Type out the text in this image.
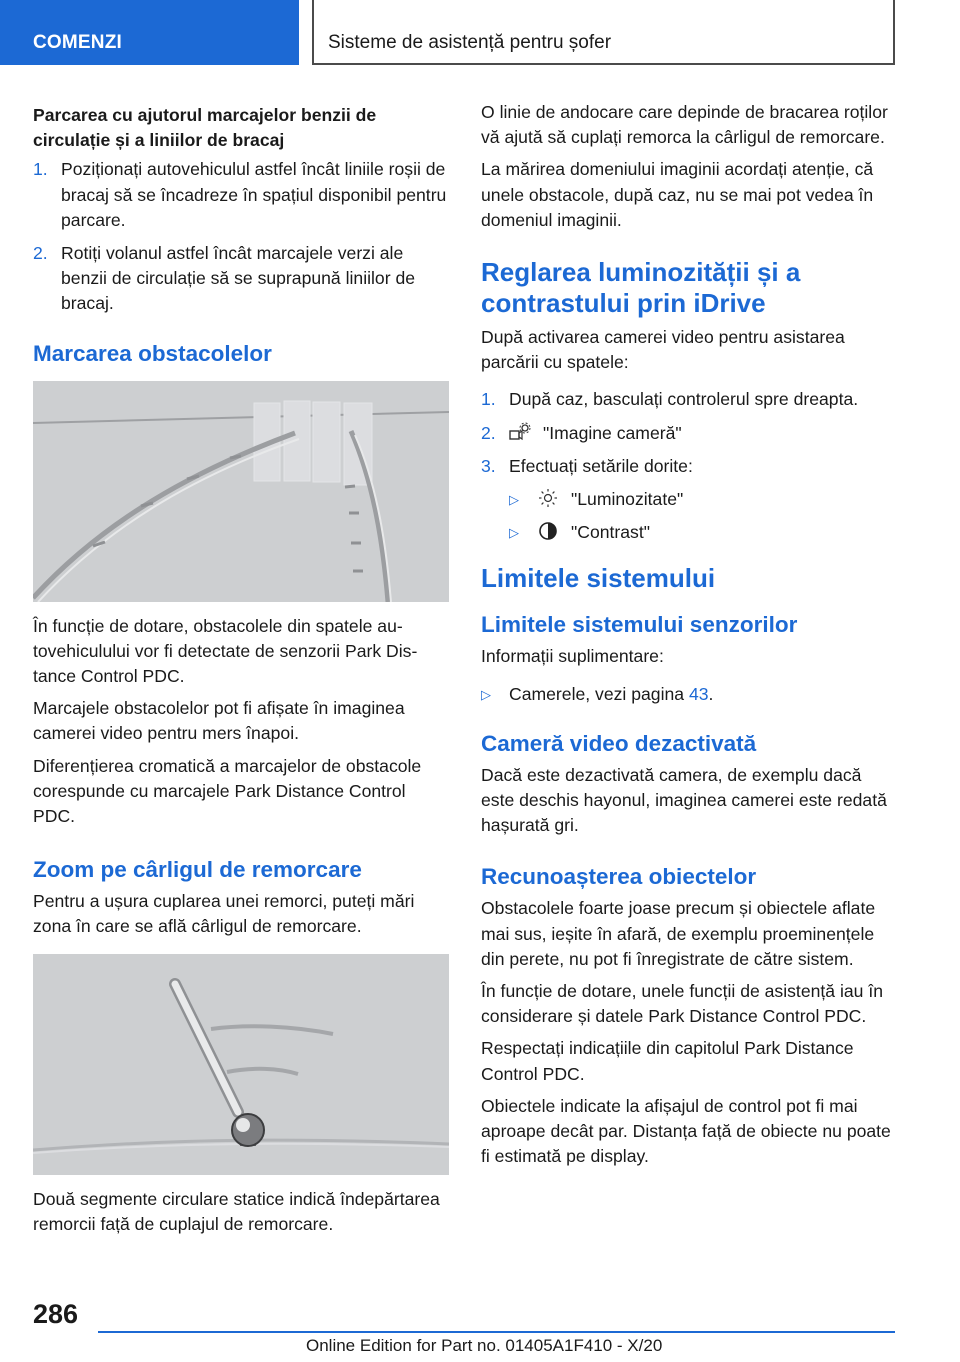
COMENZI	Sisteme de asistență pentru șofer
Parcarea cu ajutorul marcajelor benzii de circulație și a liniilor de bracaj
1. Poziționați autovehiculul astfel încât liniile roșii de bracaj să se încadreze în spațiul disponibil pentru parcare.
2. Rotiți volanul astfel încât marcajele verzi ale benzii de circulație să se suprapună liniilor de bracaj.
Marcarea obstacolelor

În funcție de dotare, obstacolele din spatele autovehiculului vor fi detectate de senzorii Park Distance Control PDC.

Marcajele obstacolelor pot fi afișate în imaginea camerei video pentru mers înapoi.

Diferențierea cromatică a marcajelor de obstacole corespunde cu marcajele Park Distance Control PDC.

Zoom pe cârligul de remorcare

Pentru a ușura cuplarea unei remorci, puteți mări zona în care se află cârligul de remorcare.

Două segmente circulare statice indică îndepărtarea remorcii față de cuplajul de remorcare.

O linie de andocare care depinde de bracarea roților vă ajută să cuplați remorca la cârligul de remorcare.

La mărirea domeniului imaginii acordați atenție, că unele obstacole, după caz, nu se mai pot vedea în domeniul imaginii.

Reglarea luminozității și a contrastului prin iDrive

După activarea camerei video pentru asistarea parcării cu spatele:

1. După caz, basculați controlerul spre dreapta.
2.	"Imagine cameră"
3. Efectuați setările dorite:
▷	"Luminozitate"
▷	"Contrast"
Limitele sistemului
Limitele sistemului senzorilor

Informații suplimentare:

▷ Camerele, vezi pagina 43.
Cameră video dezactivată

Dacă este dezactivată camera, de exemplu dacă este deschis hayonul, imaginea camerei este redată hașurată gri.

Recunoașterea obiectelor

Obstacolele foarte joase precum și obiectele aflate mai sus, ieșite în afară, de exemplu proeminențele din perete, nu pot fi înregistrate de către sistem.

În funcție de dotare, unele funcții de asistență iau în considerare și datele Park Distance Control PDC.

Respectați indicațiile din capitolul Park Distance Control PDC.

Obiectele indicate la afișajul de control pot fi mai aproape decât par. Distanța față de obiecte nu poate fi estimată pe display.

286
Online Edition for Part no. 01405A1F410 - X/20
